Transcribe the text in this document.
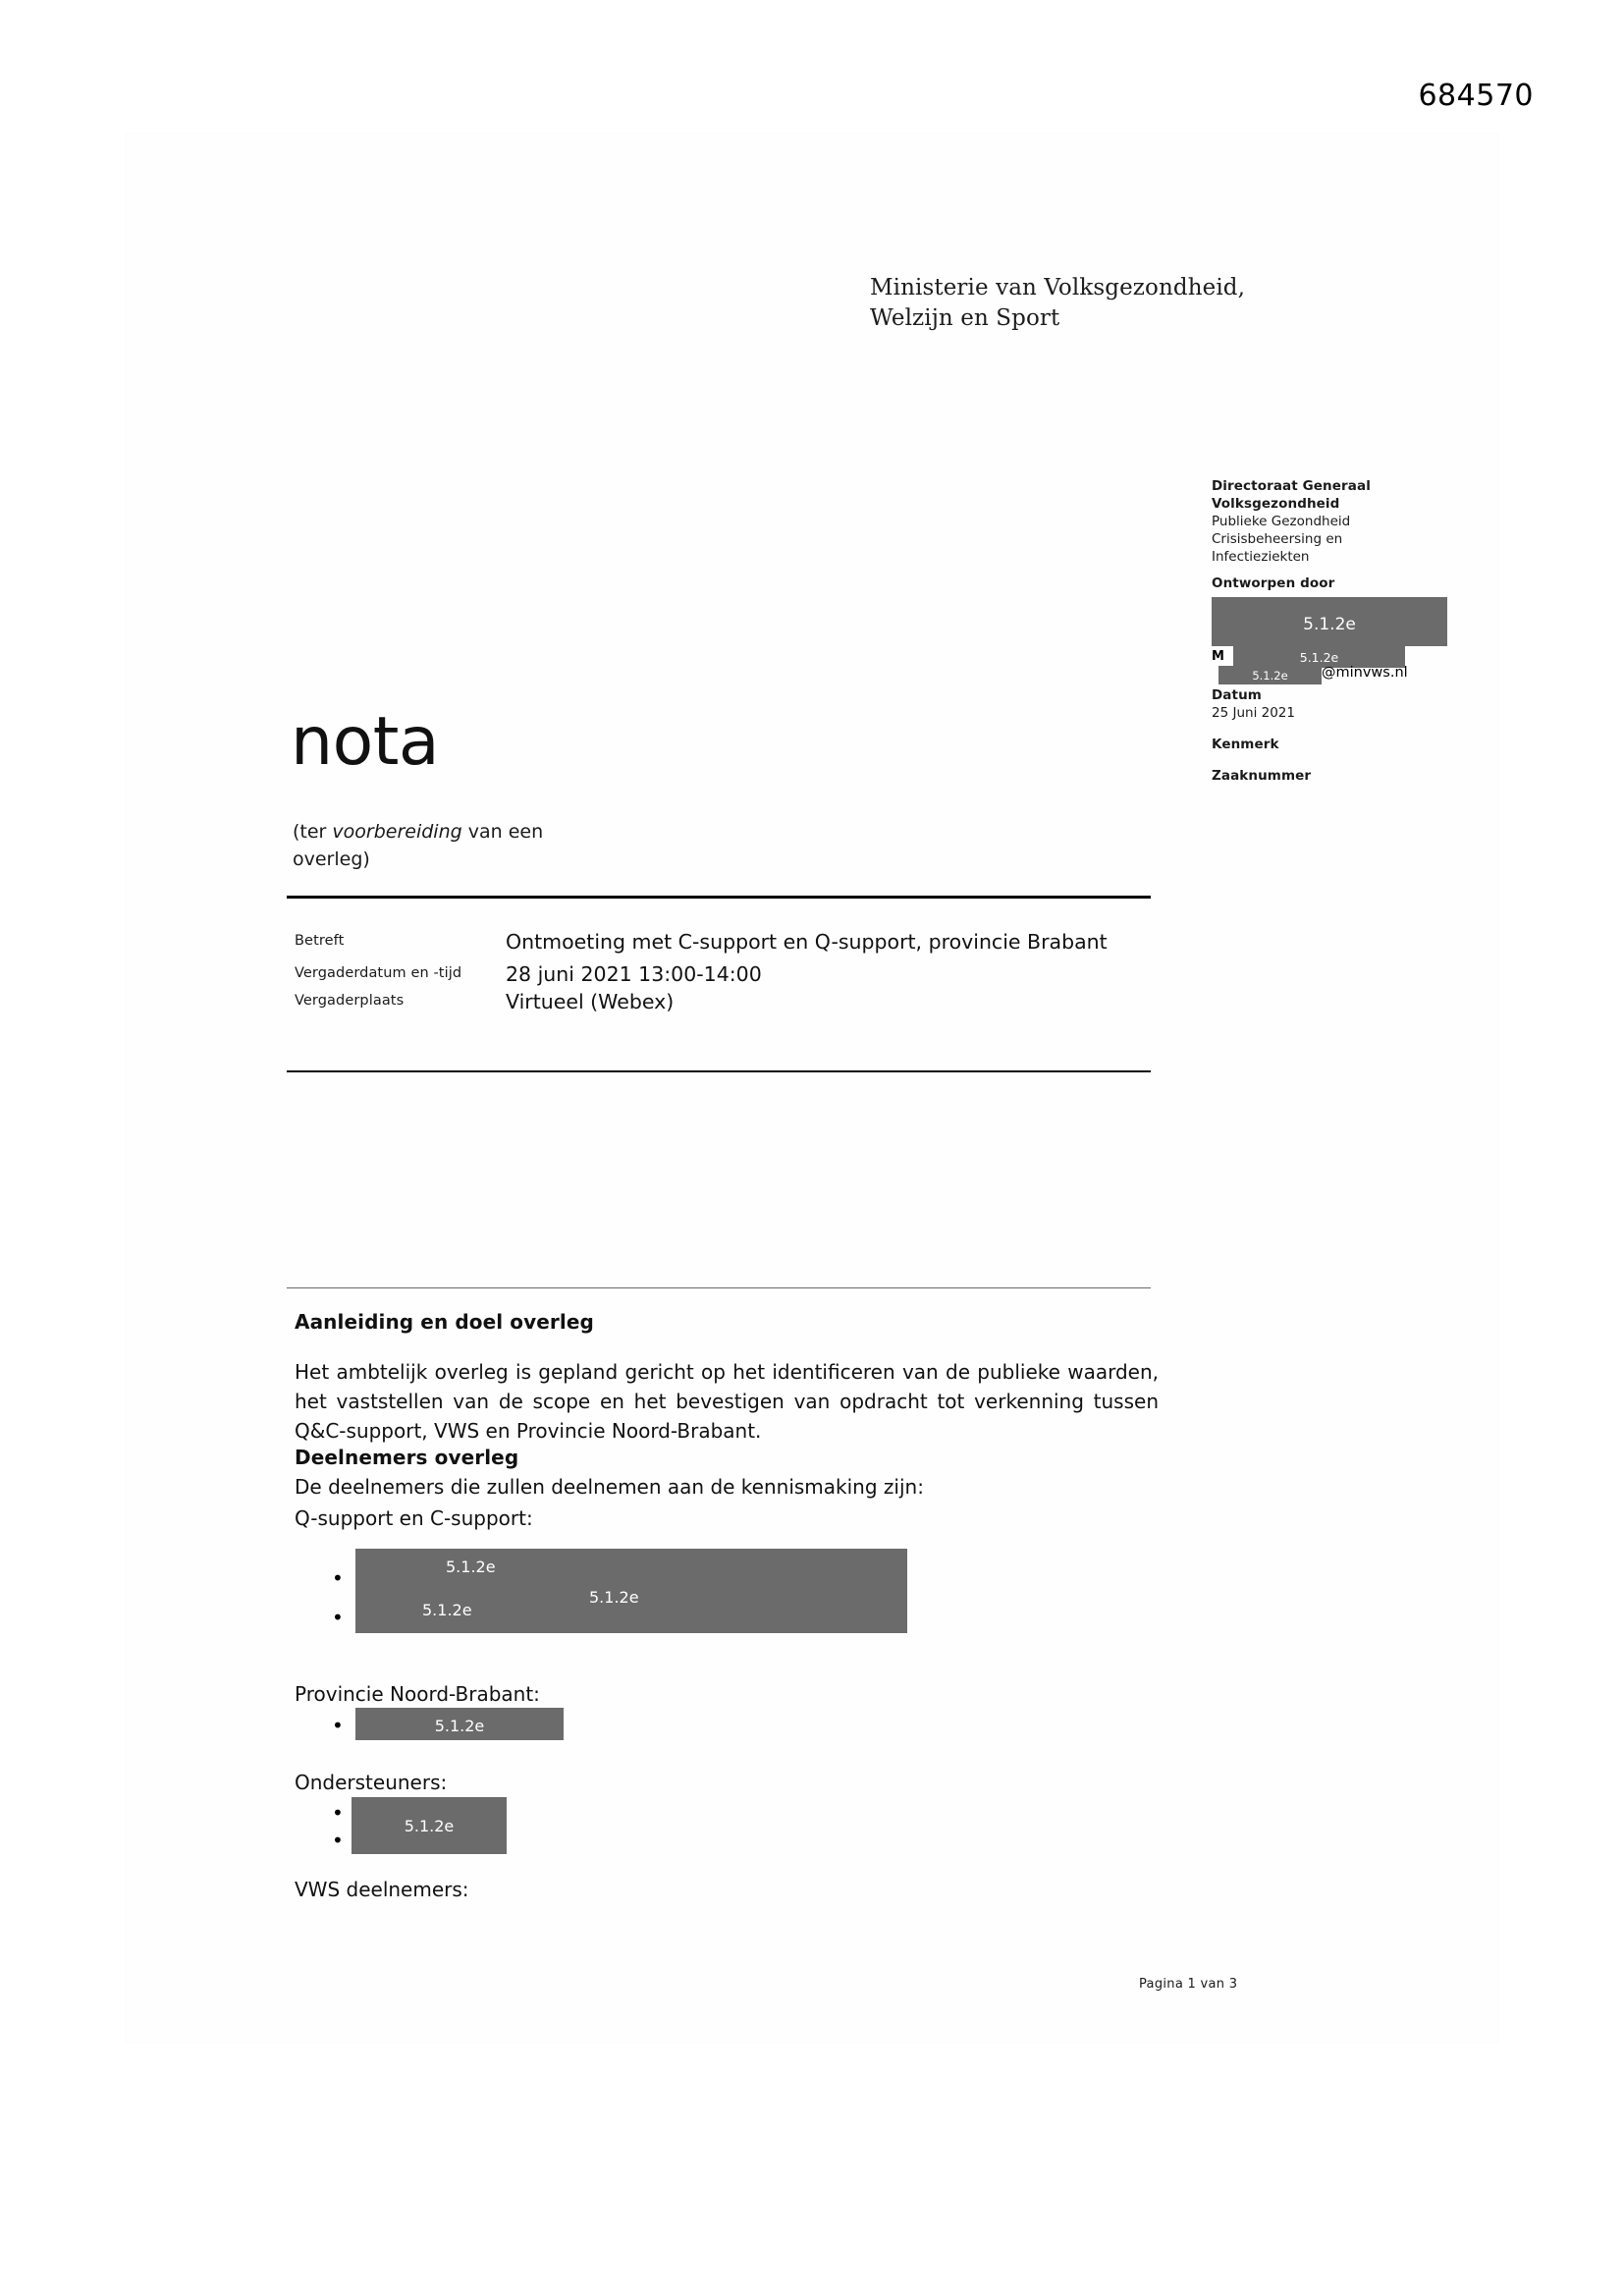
684570
Ministerie van Volksgezondheid,
Welzijn en Sport
Directoraat Generaal
Volksgezondheid
Publieke Gezondheid
Crisisbeheersing en
Infectieziekten
Ontworpen door
5.1.2e
M	5.1.2e
5.1.2e	@minvws.nl
Datum
25 Juni 2021
Kenmerk
Zaaknummer
nota
(ter voorbereiding van een overleg)
Betreft	Ontmoeting met C-support en Q-support, provincie Brabant
Vergaderdatum en -tijd	28 juni 2021 13:00-14:00
Vergaderplaats	Virtueel (Webex)
Aanleiding en doel overleg

Het ambtelijk overleg is gepland gericht op het identificeren van de publieke waarden, het vaststellen van de scope en het bevestigen van opdracht tot verkenning tussen Q&C-support, VWS en Provincie Noord-Brabant.

Deelnemers overleg

De deelnemers die zullen deelnemen aan de kennismaking zijn:

Q-support en C-support:

•
•
5.1.2e
5.1.2e
5.1.2e

Provincie Noord-Brabant:

•
5.1.2e

Ondersteuners:

•
•
5.1.2e

VWS deelnemers:

Pagina 1 van 3
